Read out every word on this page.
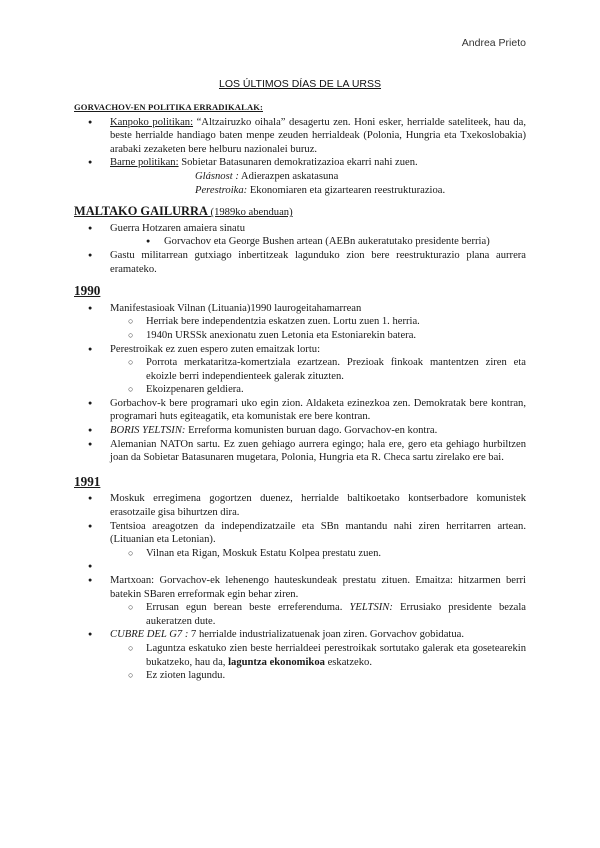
Andrea Prieto
LOS ÚLTIMOS DÍAS DE LA URSS
GORVACHOV-EN POLITIKA ERRADIKALAK:
● Kanpoko politikan: “Altzairuzko oihala” desagertu zen. Honi esker, herrialde sateliteek, hau da, beste herrialde handiago baten menpe zeuden herrialdeak (Polonia, Hungria eta Txekoslobakia) arabaki zezaketen bere helburu nazionalei buruz.
● Barne politikan: Sobietar Batasunaren demokratizazioa ekarri nahi zuen.
Glásnost : Adierazpen askatasuna
Perestroika: Ekonomiaren eta gizartearen reestrukturazioa.
MALTAKO GAILURRA (1989ko abenduan)
● Guerra Hotzaren amaiera sinatu
● Gorvachov eta George Bushen artean (AEBn aukeratutako presidente berria)
● Gastu militarrean gutxiago inbertitzeak lagunduko zion bere reestrukturazio plana aurrera eramateko.
1990
● Manifestasioak Vilnan (Lituania)1990 laurogeitahamarrean
○ Herriak bere independentzia eskatzen zuen. Lortu zuen 1. herria.
○ 1940n URSSk anexionatu zuen Letonia eta Estoniarekin batera.
● Perestroikak ez zuen espero zuten emaitzak lortu:
○ Porrota merkataritza-komertziala ezartzean. Prezioak finkoak mantentzen ziren eta ekoizle berri independienteek galerak zituzten.
○ Ekoizpenaren geldiera.
● Gorbachov-k bere programari uko egin zion. Aldaketa ezinezkoa zen. Demokratak bere kontran, programari huts egiteagatik, eta komunistak ere bere kontran.
● BORIS YELTSIN: Erreforma komunisten buruan dago. Gorvachov-en kontra.
● Alemanian NATOn sartu. Ez zuen gehiago aurrera egingo; hala ere, gero eta gehiago hurbiltzen joan da Sobietar Batasunaren mugetara, Polonia, Hungria eta R. Checa sartu zirelako ere bai.
1991
● Moskuk erregimena gogortzen duenez, herrialde baltikoetako kontserbadore komunistek erasotzaile gisa bihurtzen dira.
● Tentsioa areagotzen da independizatzaile eta SBn mantandu nahi ziren herritarren artean. (Lituanian eta Letonian).
○ Vilnan eta Rigan, Moskuk Estatu Kolpea prestatu zuen.
●
● Martxoan: Gorvachov-ek lehenengo hauteskundeak prestatu zituen. Emaitza: hitzarmen berri batekin SBaren erreformak egin behar ziren.
○ Errusan egun berean beste erreferenduma. YELTSIN: Errusiako presidente bezala aukeratzen dute.
● CUBRE DEL G7 : 7 herrialde industrializatuenak joan ziren. Gorvachov gobidatua.
○ Laguntza eskatuko zien beste herrialdeei perestroikak sortutako galerak eta gosetearekin bukatzeko, hau da, laguntza ekonomikoa eskatzeko.
○ Ez zioten lagundu.
